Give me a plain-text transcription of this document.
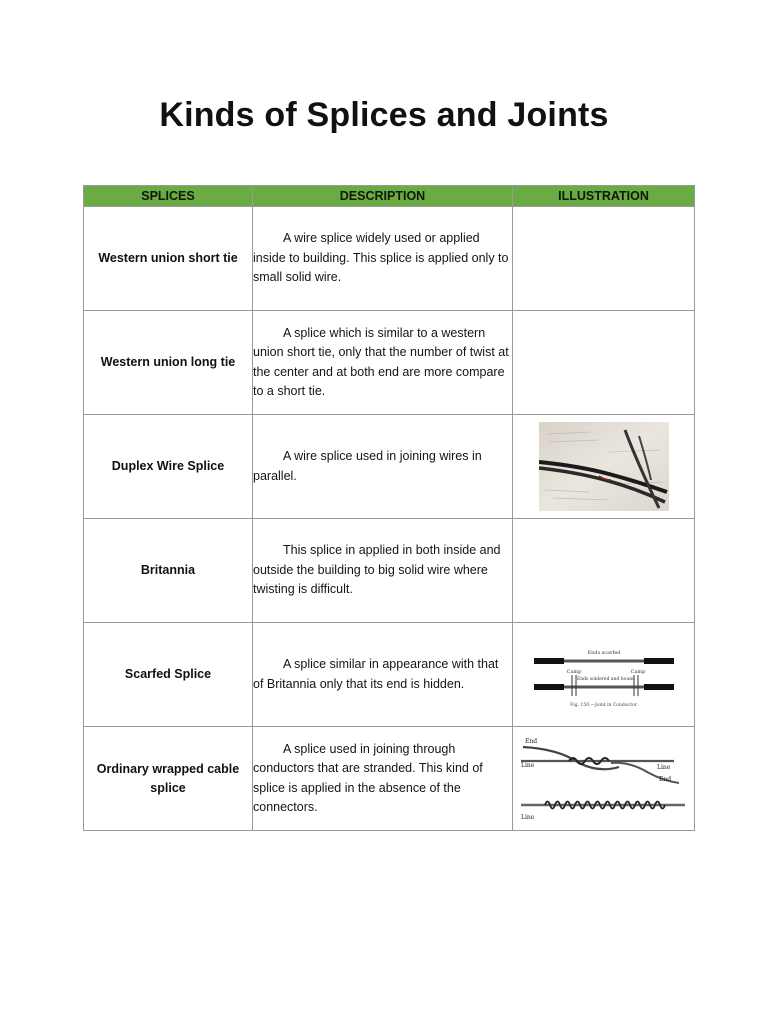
Kinds of Splices and Joints
SPLICES	DESCRIPTION	ILLUSTRATION
Western union short tie	A wire splice widely used or applied inside to building. This splice is applied only to small solid wire.	

Western union long tie	A splice which is similar to a western union short tie, only that the number of twist at the center and at both end are more compare to a short tie.	

Duplex Wire Splice	A wire splice used in joining wires in parallel.

Britannia	This splice in applied in both inside and outside the building to big solid wire where twisting is difficult.	

Scarfed Splice	A splice similar in appearance with that of Britannia only that its end is hidden.	Ends scarfed
Camp Camp
Ends soldered and bound
Fig. 150.—Joint in Conductor.

Ordinary wrapped cable splice	A splice used in joining through conductors that are stranded. This kind of splice is applied in the absence of the connectors.	End
Line Line
End
Line
